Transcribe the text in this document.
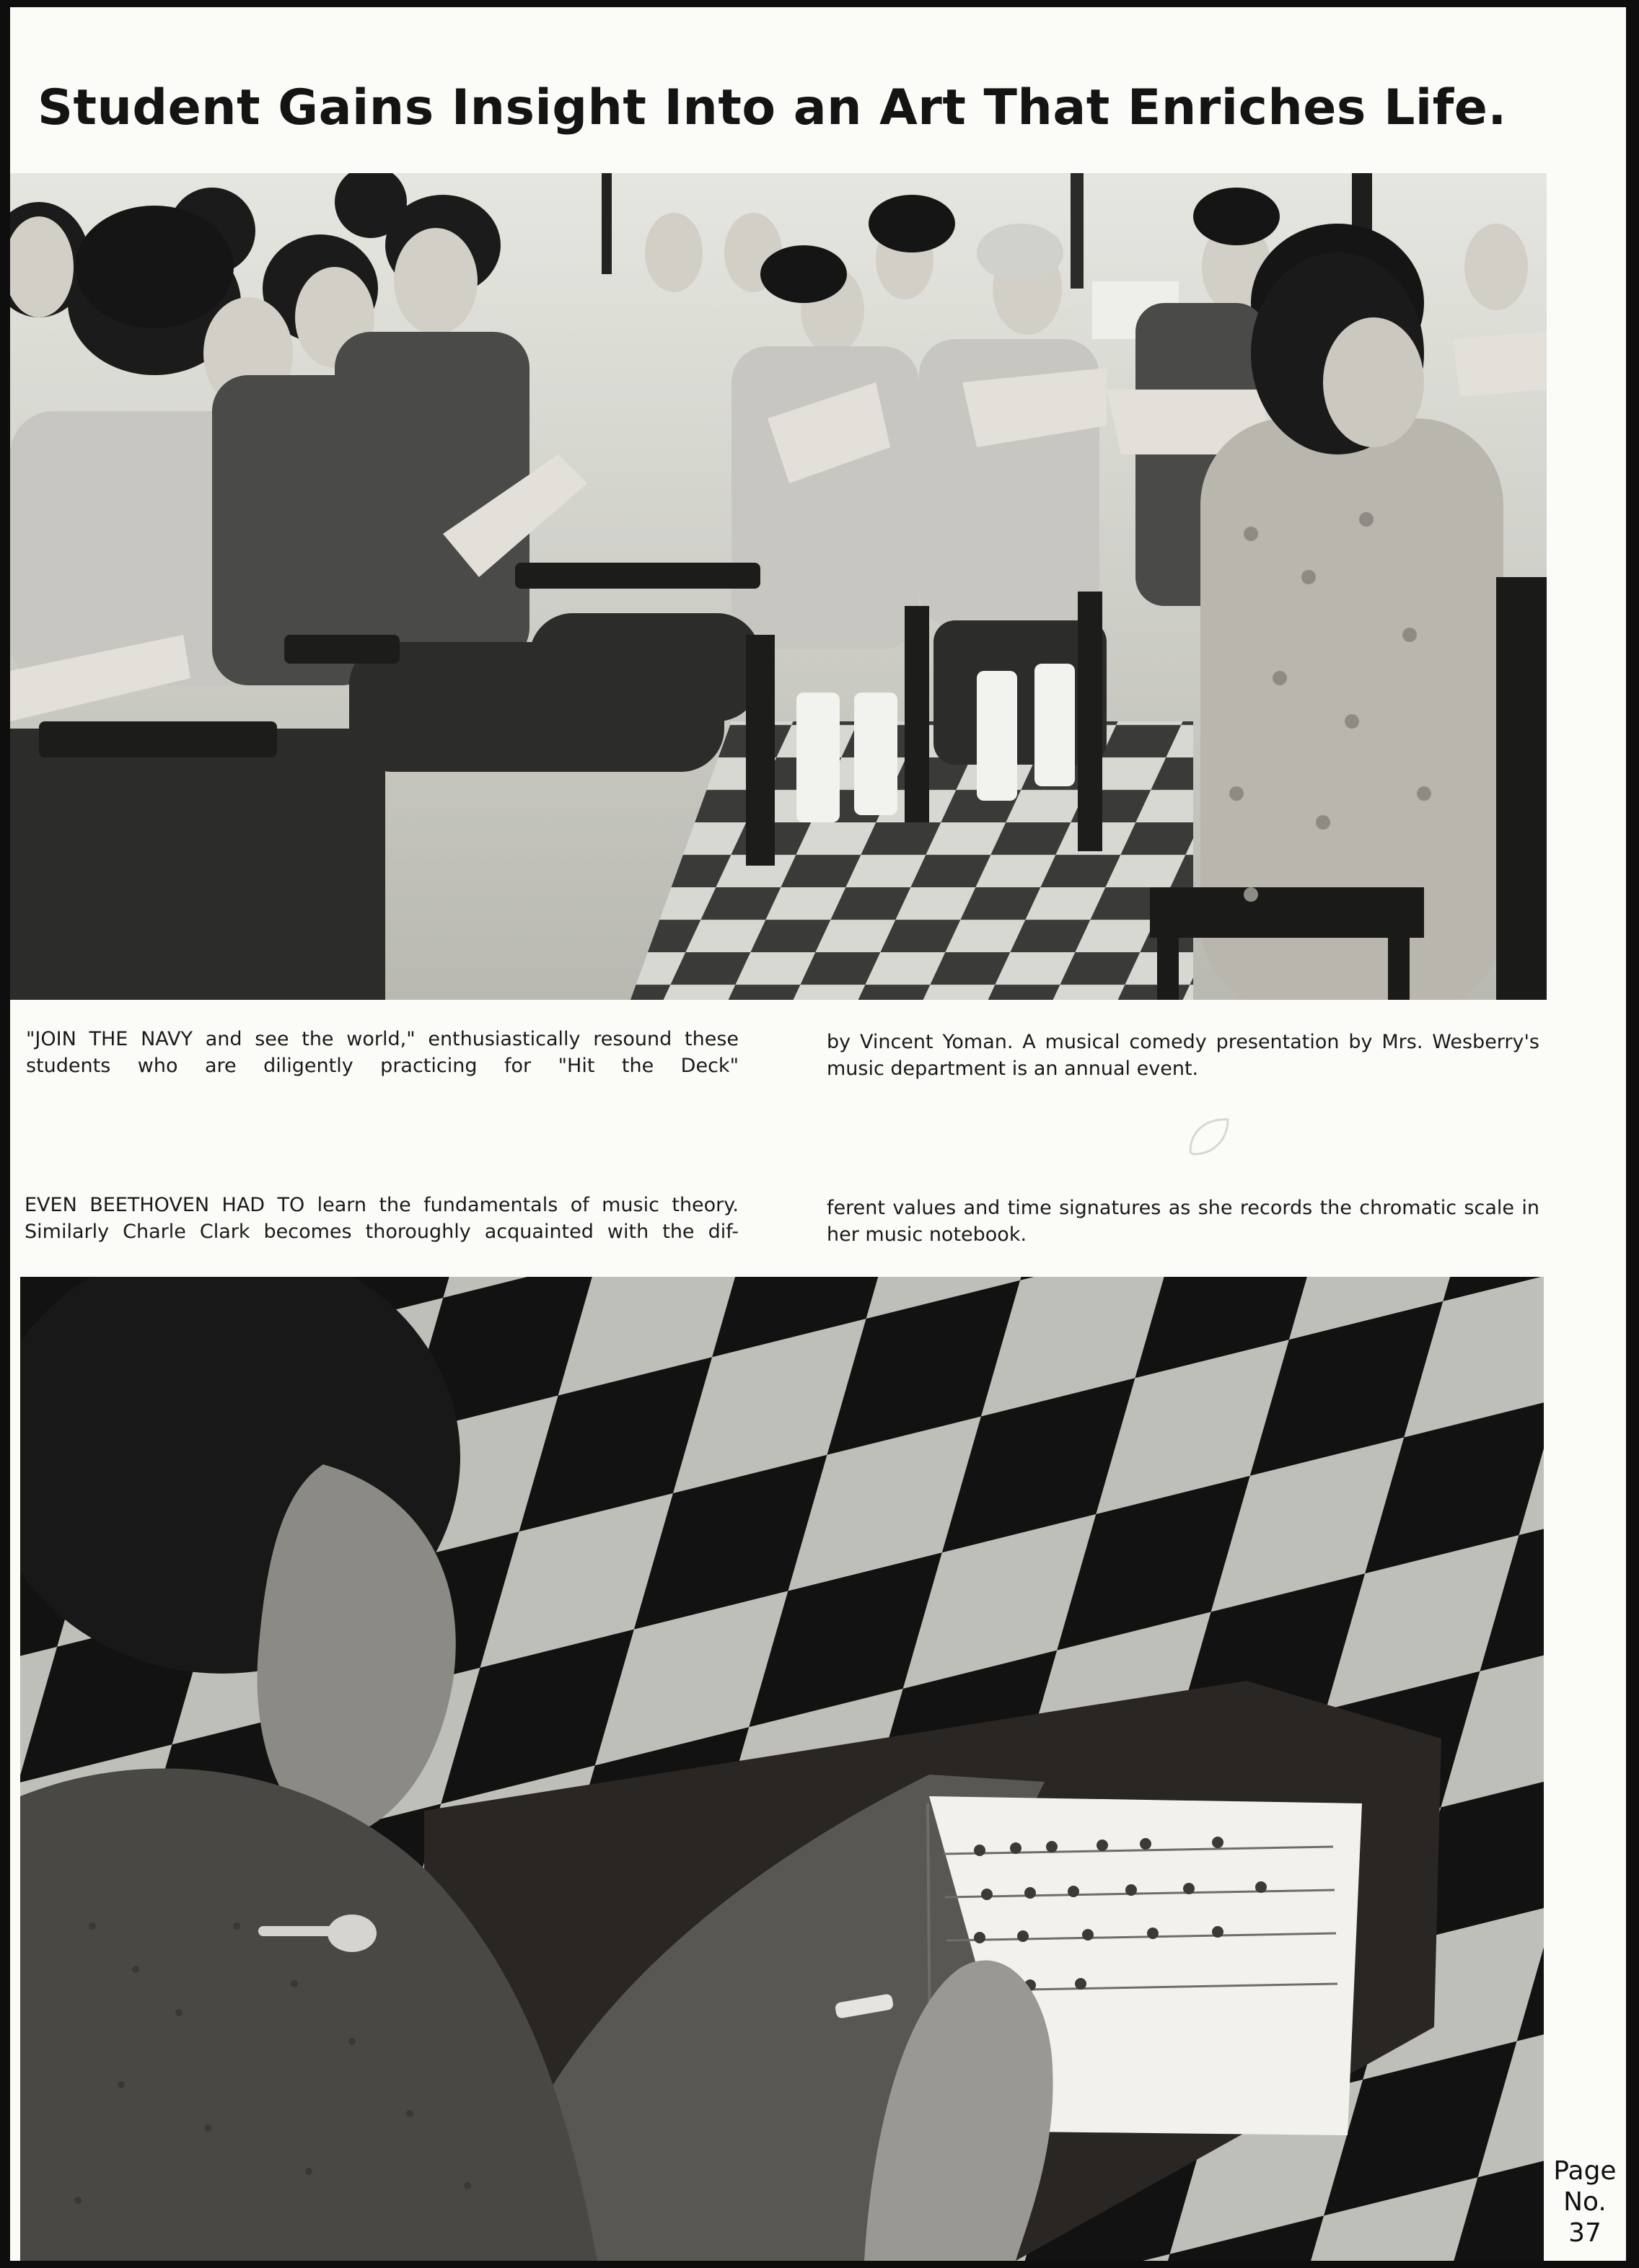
Student Gains Insight Into an Art That Enriches Life.

"JOIN THE NAVY and see the world," enthusiastically resound these students who are diligently practicing for "Hit the Deck"

by Vincent Yoman. A musical comedy presentation by Mrs. Wesberry's music department is an annual event.

EVEN BEETHOVEN HAD TO learn the fundamentals of music theory. Similarly Charle Clark becomes thoroughly acquainted with the dif-

ferent values and time signatures as she records the chromatic scale in her music notebook.

Page
No.
37
